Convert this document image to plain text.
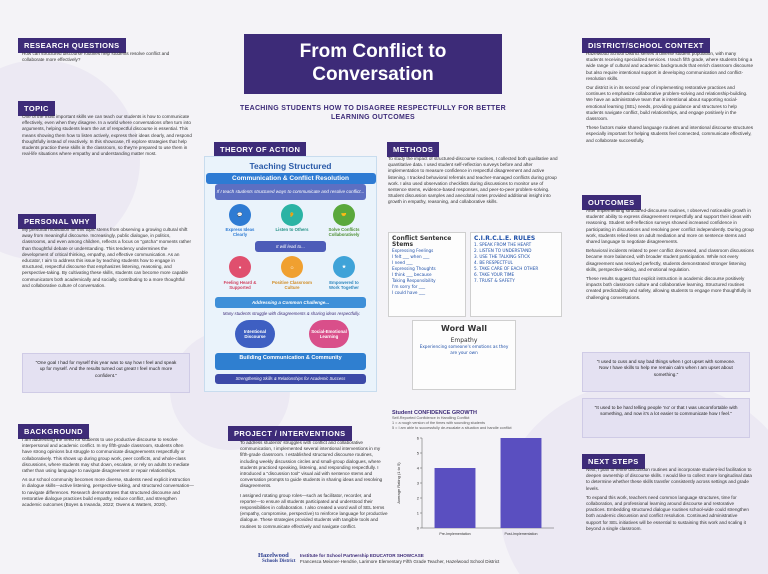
RESEARCH QUESTIONS
How can structured discourse routines help students resolve conflict and collaborate more effectively?
TOPIC
One of the most important skills we can teach our students is how to communicate effectively, even when they disagree. In a world where conversations often turn into arguments, helping students learn the art of respectful discourse is essential. This means showing them how to listen actively, express their ideas clearly, and respond thoughtfully instead of reactively. In this showcase, I'll explore strategies that help students practice these skills in the classroom, so they're prepared to use them in real-life situations where empathy and understanding matter most.
PERSONAL WHY
My personal motivation for this topic stems from observing a growing cultural shift away from meaningful discourse. Increasingly, public dialogue, in politics, classrooms, and even among children, reflects a focus on "gotcha" moments rather than thoughtful debate or understanding. This tendency undermines the development of critical thinking, empathy, and effective communication. As an educator, I aim to address this issue by teaching students how to engage in structured, respectful discourse that emphasizes listening, reasoning, and perspective-taking. By cultivating these skills, students can become more capable communicators both academically and socially, contributing to a more thoughtful and collaborative culture of conversation.
"One goal I had for myself this year was to say how I feel and speak up for myself. And the results turned out great! I feel much more confident."
BACKGROUND

I am addressing the need for students to use productive discourse to resolve interpersonal and academic conflict. In my fifth-grade classroom, students often have strong opinions but struggle to communicate disagreements respectfully or collaboratively. This shows up during group work, peer conflicts, and whole-class discussions, where students may shut down, escalate, or rely on adults to mediate rather than using language to navigate disagreement or repair relationships.

As our school community becomes more diverse, students need explicit instruction in dialogue skills—active listening, perspective-taking, and structured conversation—to navigate differences. Research demonstrates that structured discourse and restorative dialogue practices build empathy, reduce conflict, and strengthen academic outcomes (Boyes & Irwanda, 2022; Owens & Watters, 2020).

From Conflict to
Conversation
TEACHING STUDENTS HOW TO DISAGREE RESPECTFULLY FOR BETTER LEARNING OUTCOMES
THEORY OF ACTION
Teaching Structured
Communication & Conflict Resolution
If I teach students structured ways to communicate and resolve conflict...
💬	👂	🤝
Express Ideas Clearly
Listen to Others	Solve Conflicts Collaboratively
It will lead to...
♥	☺	★
Feeling Heard & Supported
Positive Classroom Culture
Empowered to Work Together
Addressing a Common Challenge...
Many students struggle with disagreements & sharing ideas respectfully.
Intentional Discourse
Social-Emotional Learning
Building Communication & Community
Strengthening Skills & Relationships for Academic Success
METHODS
To study the impact of structured-discourse routines, I collected both qualitative and quantitative data. I used student self-reflection surveys before and after implementation to measure confidence in respectful disagreement and active listening. I tracked behavioral referrals and teacher-managed conflicts during group work. I also used observation checklists during discussions to monitor use of sentence stems, evidence-based responses, and peer-to-peer problem-solving. Student discussion samples and anecdotal notes provided additional insight into growth in empathy, reasoning, and collaborative skills.
Conflict Sentence Stems
Expressing Feelings
I felt ___ when ___
I need ___
Expressing Thoughts
I think ___ because
Taking Responsibility
I'm sorry for ___
I could have ___
C.I.R.C.L.E. RULES
1. SPEAK FROM THE HEART
2. LISTEN TO UNDERSTAND
3. USE THE TALKING STICK
4. BE RESPECTFUL
5. TAKE CARE OF EACH OTHER
6. TAKE YOUR TIME
7. TRUST & SAFETY
Word Wall
Empathy
Experiencing someone's emotions as they are your own
PROJECT / INTERVENTIONS

To address students' struggles with conflict and collaborative communication, I implemented several intentional interventions in my fifth-grade classroom. I established structured discourse routines, including weekly discussion circles and small-group dialogues, where students practiced speaking, listening, and responding respectfully. I introduced a "discussion tool" visual aid with sentence stems and conversation prompts to guide students in sharing ideas and resolving disagreements.

I assigned rotating group roles—such as facilitator, recorder, and reporter—to ensure all students participated and understood their responsibilities in collaboration. I also created a word wall of SEL terms (empathy, compromise, perspective) to reinforce language for productive dialogue. These strategies provided students with tangible tools and routines to communicate effectively and navigate conflict.

Student CONFIDENCE GROWTH
Self-Reported Confidence in Handling Conflict
1 = a rough version of the times with sounding students
5 = I am able to successfully de-escalate a situation and handle conflict
0
1
2
3
4
5
6
Average Rating (1 to 5)
Pre-Implementation	Post-Implementation
Hazelwood
Schools District
Institute for School Partnership EDUCATOR SHOWCASE
Francesca Meixner-Hendrie, Larimore Elementary Fifth Grade Teacher, Hazelwood School District
DISTRICT/SCHOOL CONTEXT

Hazelwood School District serves a diverse student population, with many students receiving specialized services. I teach fifth grade, where students bring a wide range of cultural and academic backgrounds that enrich classroom discourse but also require intentional support in developing communication and conflict-resolution skills.

Our district is in its second year of implementing restorative practices and continues to emphasize collaborative problem-solving and relationship-building. We have an administrative team that is intentional about supporting social-emotional learning (SEL) needs, providing guidance and structures to help students navigate conflict, build relationships, and engage positively in the classroom.

These factors make shared language routines and intentional discourse structures especially important for helping students feel connected, communicate effectively, and collaborate successfully.

OUTCOMES

After implementing structured-discourse routines, I observed noticeable growth in students' ability to express disagreement respectfully and support their ideas with reasoning. Student self-reflection surveys showed increased confidence in participating in discussions and resolving peer conflict independently. During group work, students relied less on adult mediation and more on sentence stems and shared language to negotiate disagreements.

Behavioral incidents related to peer conflict decreased, and classroom discussions became more balanced, with broader student participation. While not every disagreement was resolved perfectly, students demonstrated stronger listening skills, perspective-taking, and emotional regulation.

These results suggest that explicit instruction in academic discourse positively impacts both classroom culture and collaborative learning. Structured routines created predictability and safety, allowing students to engage more thoughtfully in challenging conversations.

"I used to cuss and say bad things when I got upset with someone. Now I have skills to help me remain calm when I am upset about something."
"It used to be hard telling people 'no' or that I was uncomfortable with something, and now it's a lot easier to communicate how I feel."
NEXT STEPS

Next, I plan to refine discussion routines and incorporate student-led facilitation to deepen ownership of discourse skills. I would like to collect more longitudinal data to determine whether these skills transfer consistently across settings and grade levels.

To expand this work, teachers need common language structures, time for collaboration, and professional learning around discourse and restorative practices. Embedding structured dialogue routines school-wide could strengthen both academic discussion and conflict resolution. Continued administrative support for SEL initiatives will be essential to sustaining this work and scaling it beyond a single classroom.
